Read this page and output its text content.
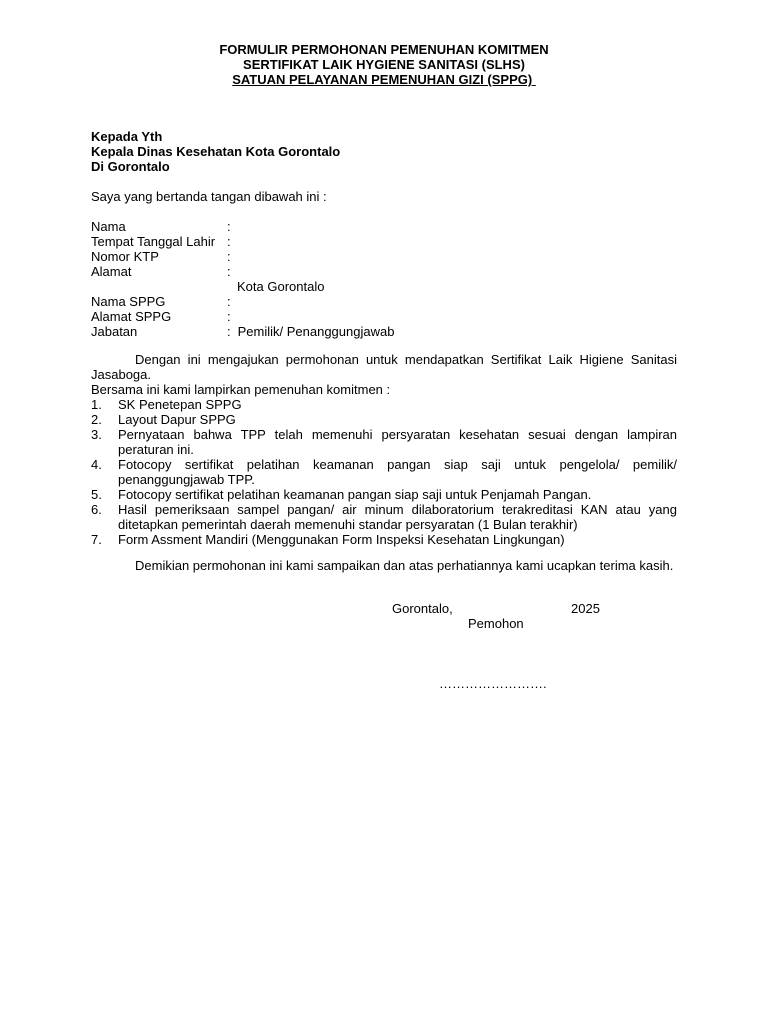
FORMULIR PERMOHONAN PEMENUHAN KOMITMEN
SERTIFIKAT LAIK HYGIENE SANITASI (SLHS)
SATUAN PELAYANAN PEMENUHAN GIZI (SPPG)
Kepada Yth
Kepala Dinas Kesehatan Kota Gorontalo
Di Gorontalo
Saya yang bertanda tangan dibawah ini :
Nama	:
Tempat Tanggal Lahir :
Nomor KTP	:
Alamat	:
Kota Gorontalo
Nama SPPG	:
Alamat SPPG	:
Jabatan	: Pemilik/ Penanggungjawab
Dengan ini mengajukan permohonan untuk mendapatkan Sertifikat Laik Higiene Sanitasi Jasaboga.
Bersama ini kami lampirkan pemenuhan komitmen :
1. SK Penetepan SPPG
2. Layout Dapur SPPG
3. Pernyataan bahwa TPP telah memenuhi persyaratan kesehatan sesuai dengan lampiran peraturan ini.
4. Fotocopy sertifikat pelatihan keamanan pangan siap saji untuk pengelola/ pemilik/ penanggungjawab TPP.
5. Fotocopy sertifikat pelatihan keamanan pangan siap saji untuk Penjamah Pangan.
6. Hasil pemeriksaan sampel pangan/ air minum dilaboratorium terakreditasi KAN atau yang ditetapkan pemerintah daerah memenuhi standar persyaratan (1 Bulan terakhir)
7. Form Assment Mandiri (Menggunakan Form Inspeksi Kesehatan Lingkungan)
Demikian permohonan ini kami sampaikan dan atas perhatiannya kami ucapkan terima kasih.
Gorontalo,	2025
Pemohon
…………………….
